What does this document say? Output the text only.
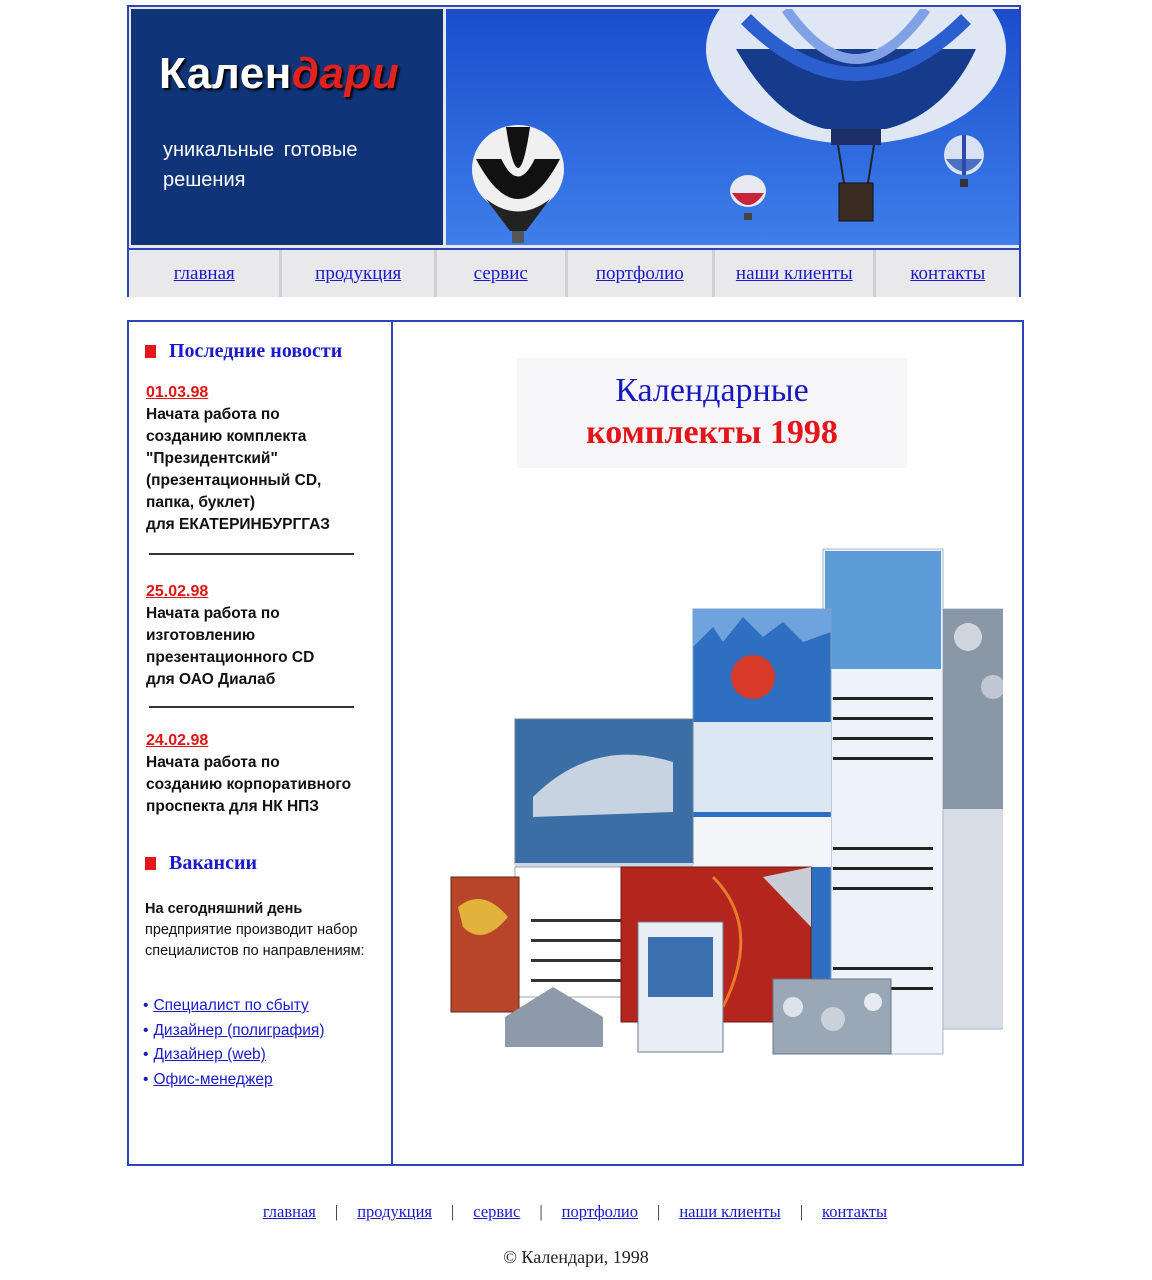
Календари
уникальные готовые решения
главная	продукция	сервис	портфолио	наши клиенты	контакты
Последние новости
01.03.98
Начата работа по
созданию комплекта
"Президентский"
(презентационный CD,
папка, буклет)
для ЕКАТЕРИНБУРГГАЗ
25.02.98
Начата работа по
изготовлению
презентационного CD
для ОАО Диалаб
24.02.98
Начата работа по
созданию корпоративного
проспекта для НК НПЗ
Вакансии
На сегодняшний день
предприятие производит набор специалистов по направлениям:
• Специалист по сбыту
• Дизайнер (полиграфия)
• Дизайнер (web)
• Офис-менеджер
Календарные
комплекты 1998
главная | продукция | сервис | портфолио | наши клиенты | контакты
© Календари, 1998
